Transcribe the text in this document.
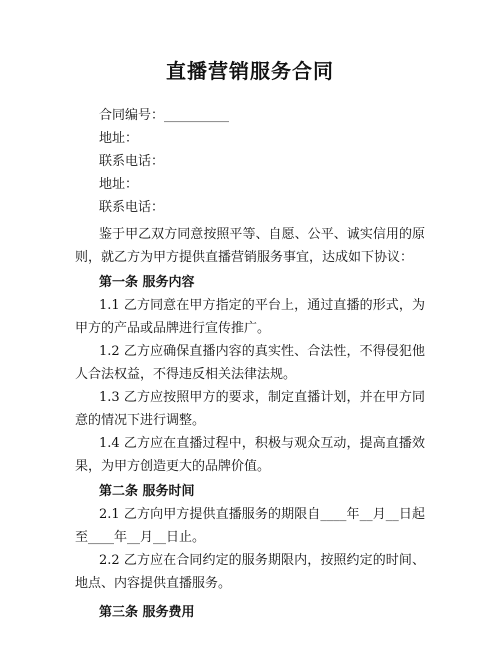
直播营销服务合同
合同编号：__________
地址：
联系电话：
地址：
联系电话：

鉴于甲乙双方同意按照平等、自愿、公平、诚实信用的原则，就乙方为甲方提供直播营销服务事宜，达成如下协议：

第一条 服务内容

1.1 乙方同意在甲方指定的平台上，通过直播的形式，为甲方的产品或品牌进行宣传推广。

1.2 乙方应确保直播内容的真实性、合法性，不得侵犯他人合法权益，不得违反相关法律法规。

1.3 乙方应按照甲方的要求，制定直播计划，并在甲方同意的情况下进行调整。

1.4 乙方应在直播过程中，积极与观众互动，提高直播效果，为甲方创造更大的品牌价值。

第二条 服务时间

2.1 乙方向甲方提供直播服务的期限自____年__月__日起至____年__月__日止。

2.2 乙方应在合同约定的服务期限内，按照约定的时间、地点、内容提供直播服务。

第三条 服务费用
